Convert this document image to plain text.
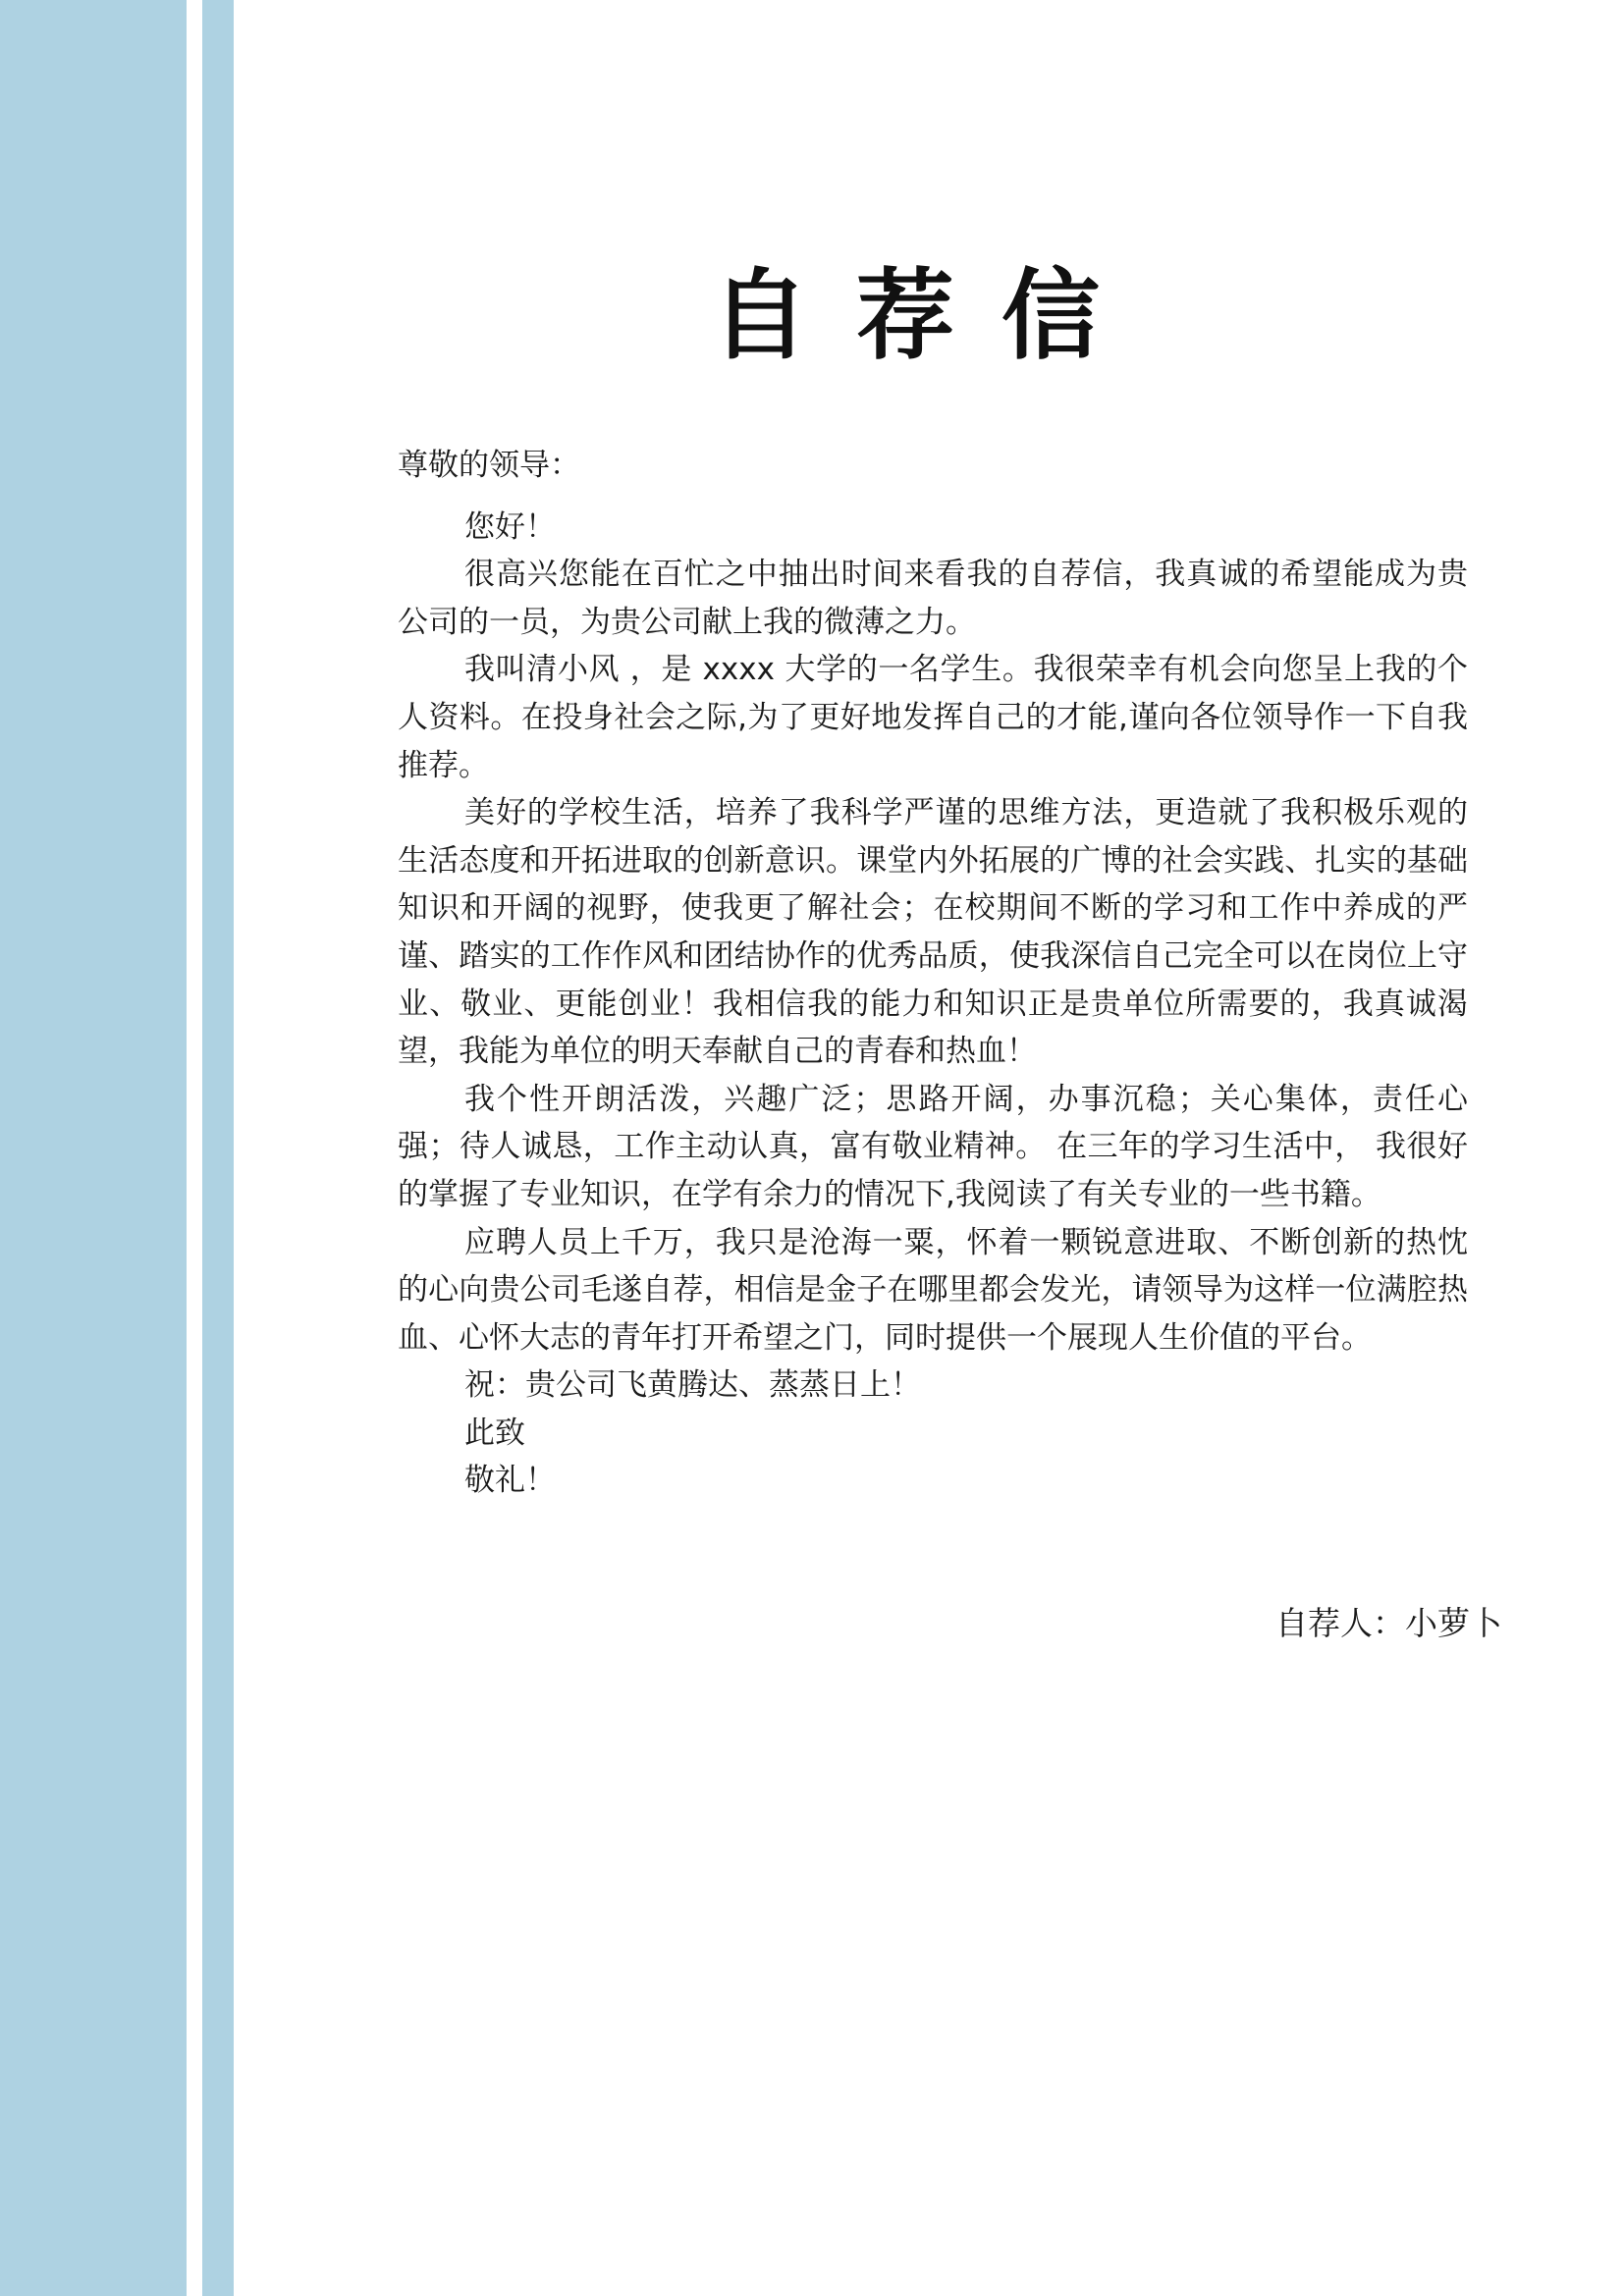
自荐信

尊敬的领导：

您好！

很高兴您能在百忙之中抽出时间来看我的自荐信，我真诚的希望能成为贵公司的一员，为贵公司献上我的微薄之力。

我叫清小风 ，是 xxxx 大学的一名学生。我很荣幸有机会向您呈上我的个人资料。在投身社会之际,为了更好地发挥自己的才能,谨向各位领导作一下自我推荐。

美好的学校生活，培养了我科学严谨的思维方法，更造就了我积极乐观的生活态度和开拓进取的创新意识。课堂内外拓展的广博的社会实践、扎实的基础知识和开阔的视野，使我更了解社会；在校期间不断的学习和工作中养成的严谨、踏实的工作作风和团结协作的优秀品质，使我深信自己完全可以在岗位上守业、敬业、更能创业！我相信我的能力和知识正是贵单位所需要的，我真诚渴望，我能为单位的明天奉献自己的青春和热血！

我个性开朗活泼，兴趣广泛；思路开阔，办事沉稳；关心集体，责任心强；待人诚恳，工作主动认真，富有敬业精神。 在三年的学习生活中， 我很好的掌握了专业知识，在学有余力的情况下,我阅读了有关专业的一些书籍。

应聘人员上千万，我只是沧海一粟，怀着一颗锐意进取、不断创新的热忱的心向贵公司毛遂自荐，相信是金子在哪里都会发光，请领导为这样一位满腔热血、心怀大志的青年打开希望之门，同时提供一个展现人生价值的平台。

祝：贵公司飞黄腾达、蒸蒸日上！

此致

敬礼！

自荐人：小萝卜
